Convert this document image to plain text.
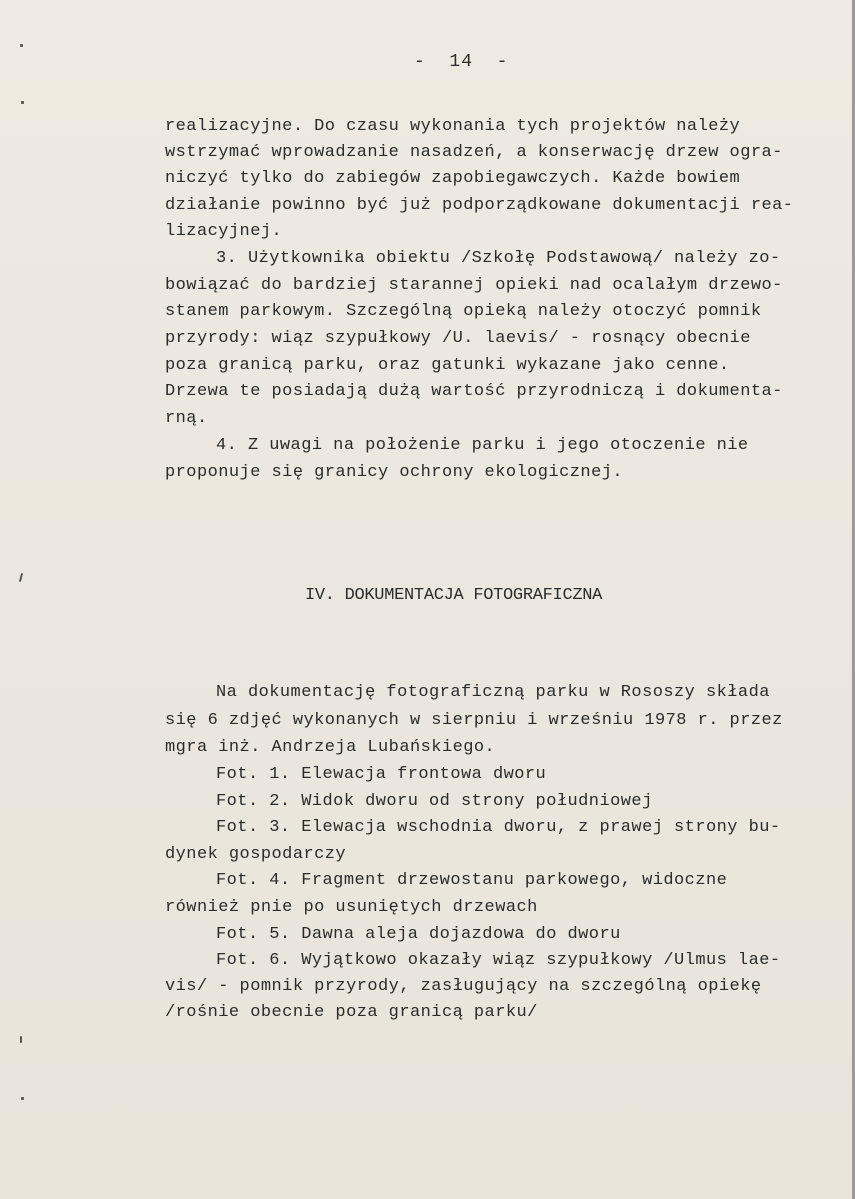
-  14  -
realizacyjne. Do czasu wykonania tych projektów należy
wstrzymać wprowadzanie nasadzeń, a konserwację drzew ogra-
niczyć tylko do zabiegów zapobiegawczych. Każde bowiem
działanie powinno być już podporządkowane dokumentacji rea-
lizacyjnej.
3. Użytkownika obiektu /Szkołę Podstawową/ należy zo-
bowiązać do bardziej starannej opieki nad ocalałym drzewo-
stanem parkowym. Szczególną opieką należy otoczyć pomnik
przyrody: wiąz szypułkowy /U. laevis/ - rosnący obecnie
poza granicą parku, oraz gatunki wykazane jako cenne.
Drzewa te posiadają dużą wartość przyrodniczą i dokumenta-
rną.
4. Z uwagi na położenie parku i jego otoczenie nie
proponuje się granicy ochrony ekologicznej.
IV. DOKUMENTACJA FOTOGRAFICZNA
Na dokumentację fotograficzną parku w Rososzy składa
się 6 zdjęć wykonanych w sierpniu i wrześniu 1978 r. przez
mgra inż. Andrzeja Lubańskiego.
Fot. 1. Elewacja frontowa dworu
Fot. 2. Widok dworu od strony południowej
Fot. 3. Elewacja wschodnia dworu, z prawej strony bu-
dynek gospodarczy
Fot. 4. Fragment drzewostanu parkowego, widoczne
również pnie po usuniętych drzewach
Fot. 5. Dawna aleja dojazdowa do dworu
Fot. 6. Wyjątkowo okazały wiąz szypułkowy /Ulmus lae-
vis/ - pomnik przyrody, zasługujący na szczególną opiekę
/rośnie obecnie poza granicą parku/
